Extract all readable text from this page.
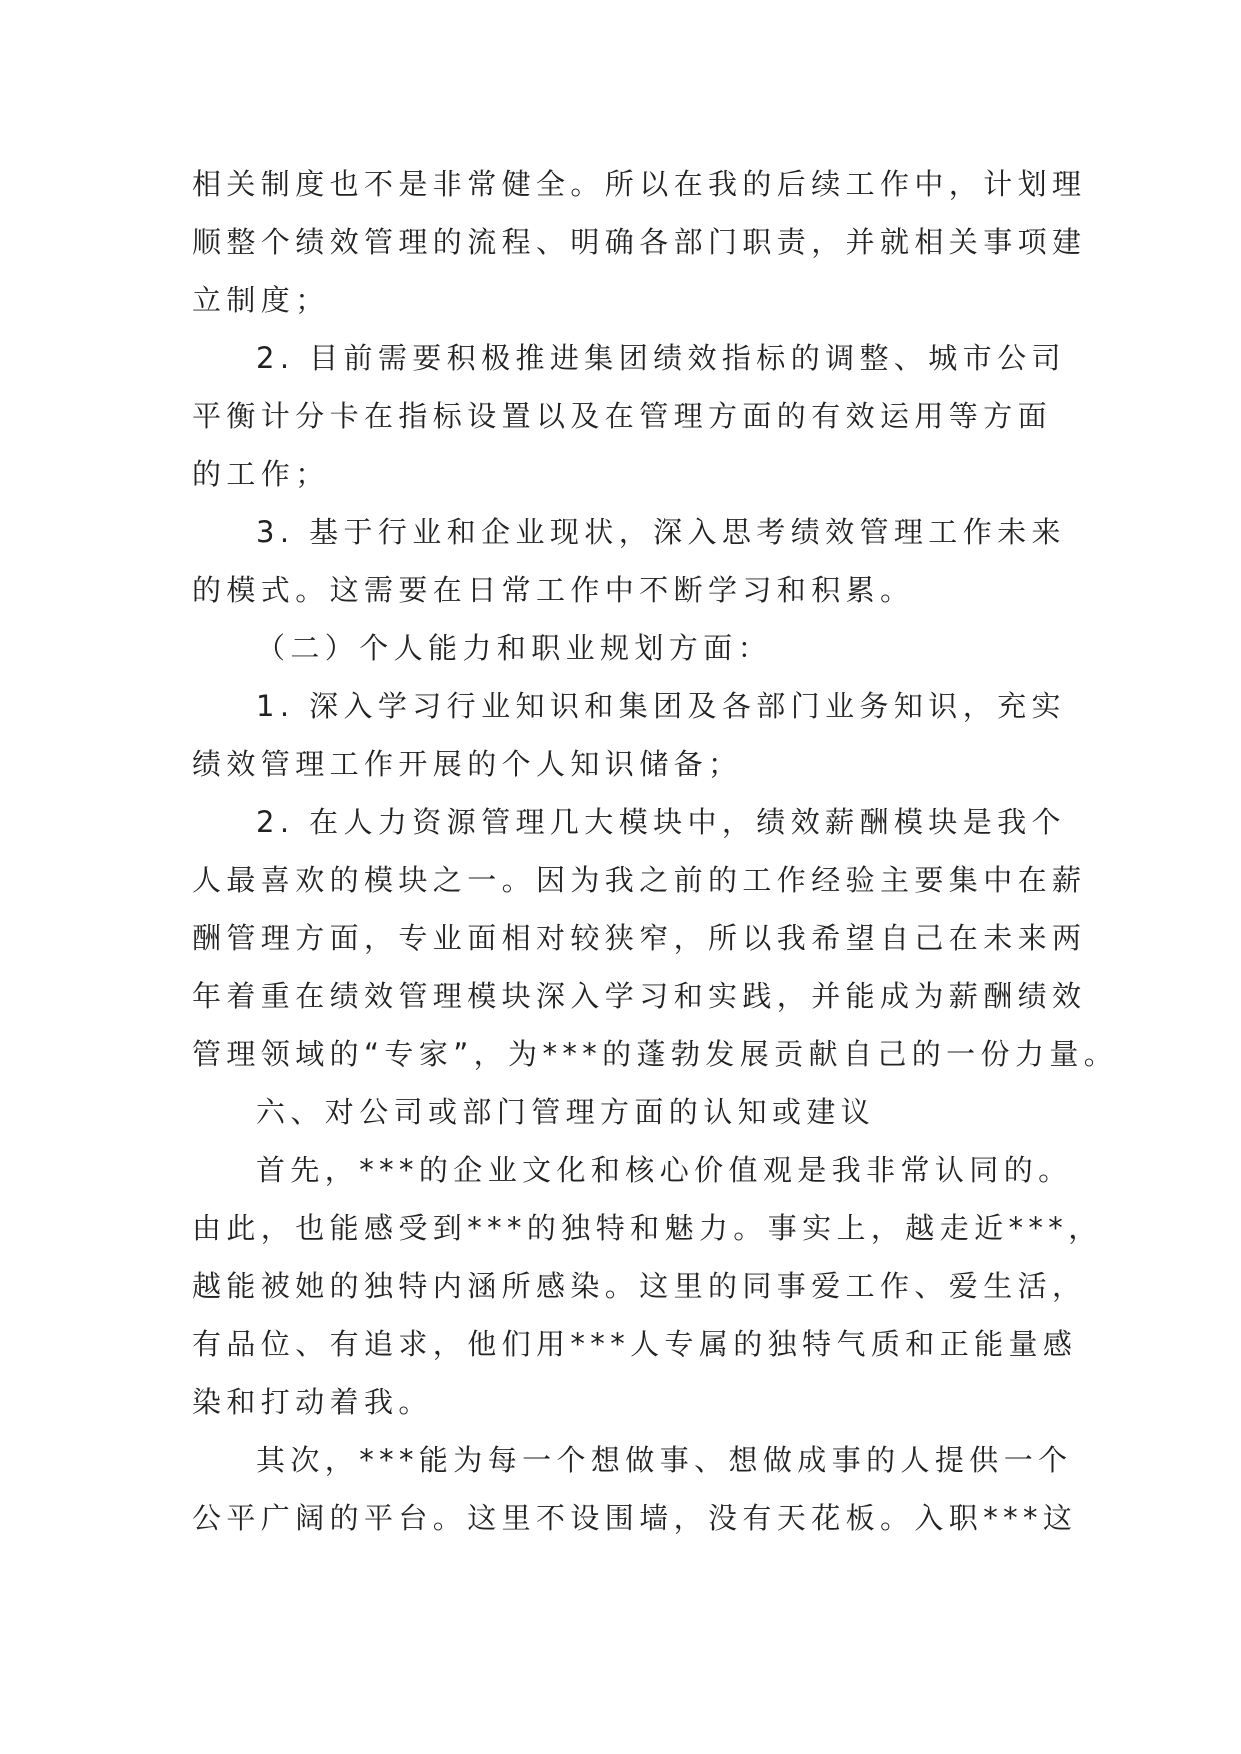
相关制度也不是非常健全。所以在我的后续工作中，计划理
顺整个绩效管理的流程、明确各部门职责，并就相关事项建
立制度；
2. 目前需要积极推进集团绩效指标的调整、城市公司
平衡计分卡在指标设置以及在管理方面的有效运用等方面
的工作；
3. 基于行业和企业现状，深入思考绩效管理工作未来
的模式。这需要在日常工作中不断学习和积累。
（二）个人能力和职业规划方面：
1. 深入学习行业知识和集团及各部门业务知识，充实
绩效管理工作开展的个人知识储备；
2. 在人力资源管理几大模块中，绩效薪酬模块是我个
人最喜欢的模块之一。因为我之前的工作经验主要集中在薪
酬管理方面，专业面相对较狭窄，所以我希望自己在未来两
年着重在绩效管理模块深入学习和实践，并能成为薪酬绩效
管理领域的“专家”，为***的蓬勃发展贡献自己的一份力量。
六、对公司或部门管理方面的认知或建议
首先，***的企业文化和核心价值观是我非常认同的。
由此，也能感受到***的独特和魅力。事实上，越走近***，
越能被她的独特内涵所感染。这里的同事爱工作、爱生活，
有品位、有追求，他们用***人专属的独特气质和正能量感
染和打动着我。
其次，***能为每一个想做事、想做成事的人提供一个
公平广阔的平台。这里不设围墙，没有天花板。入职***这
